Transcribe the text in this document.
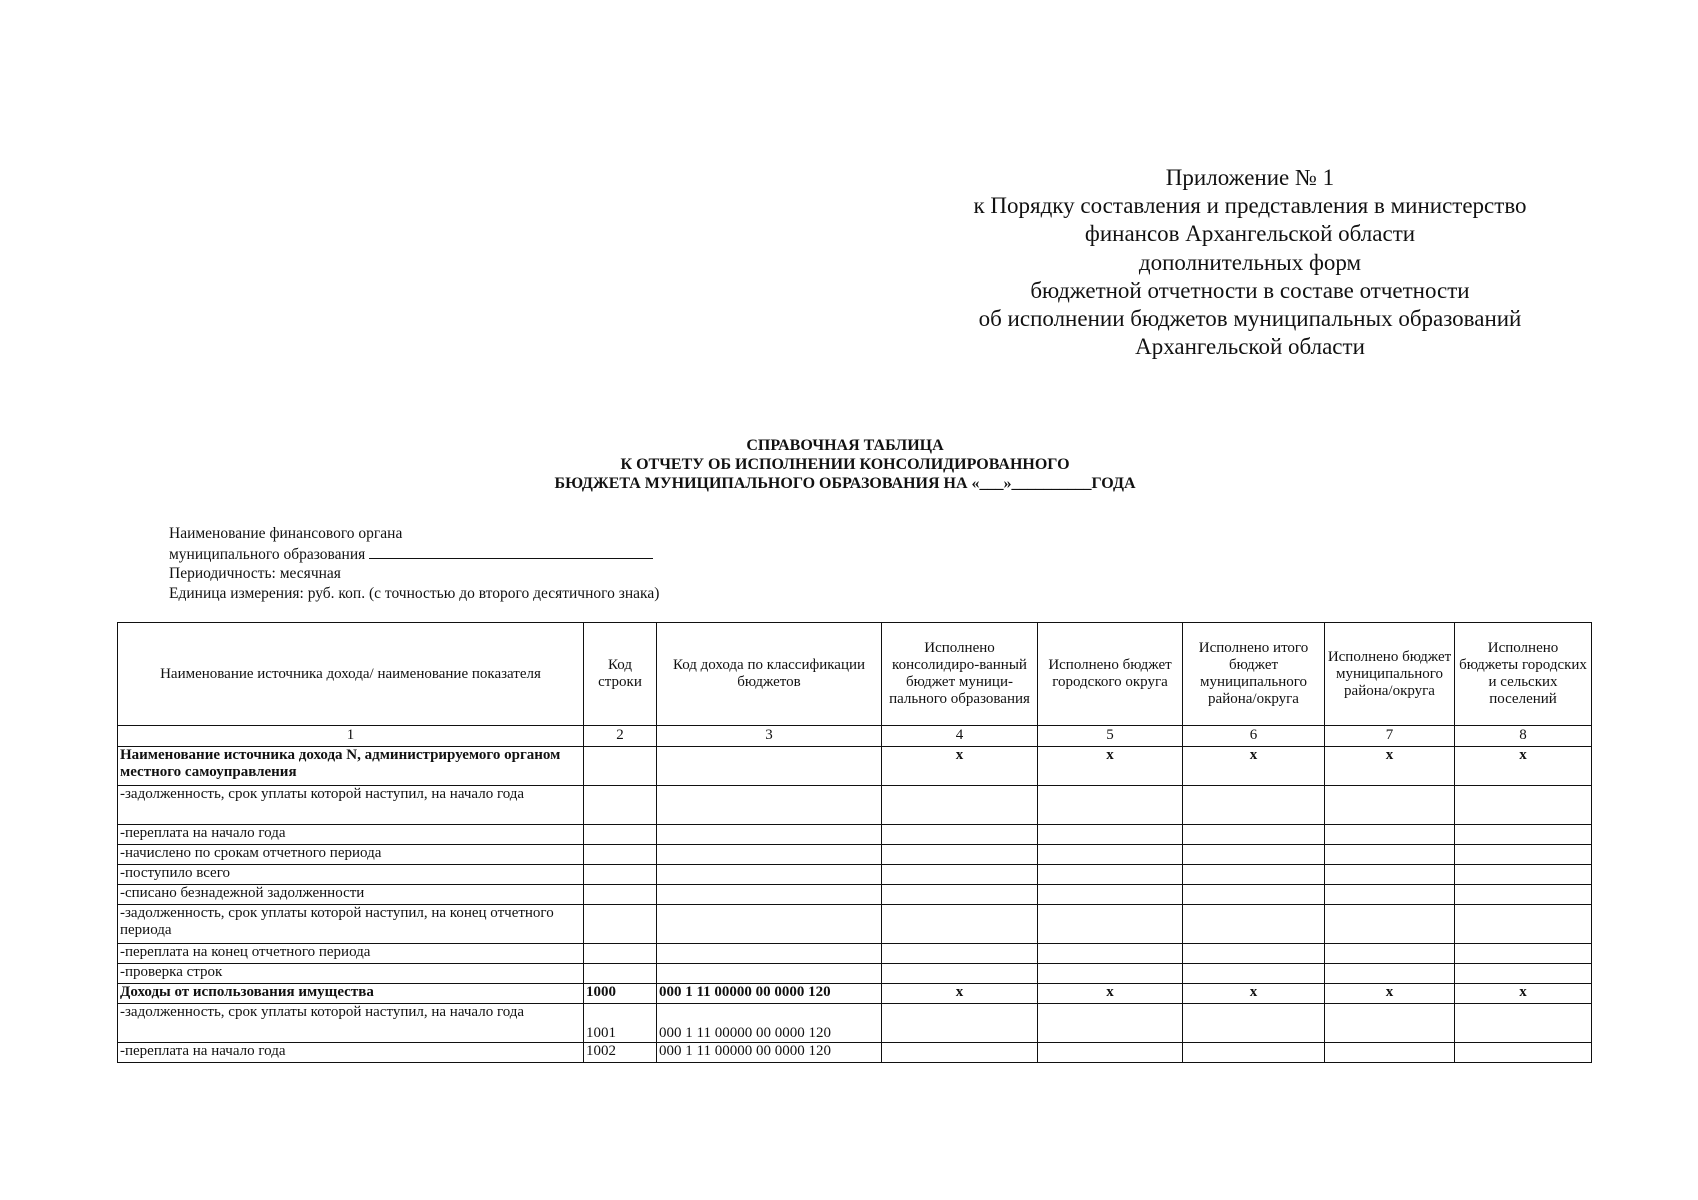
Приложение № 1
к Порядку составления и представления в министерство
финансов Архангельской области
дополнительных форм
бюджетной отчетности в составе отчетности
об исполнении бюджетов муниципальных образований
Архангельской области
СПРАВОЧНАЯ ТАБЛИЦА
К ОТЧЕТУ ОБ ИСПОЛНЕНИИ КОНСОЛИДИРОВАННОГО
БЮДЖЕТА МУНИЦИПАЛЬНОГО ОБРАЗОВАНИЯ НА «___»__________ГОДА
Наименование финансового органа
муниципального образования
Периодичность: месячная
Единица измерения: руб. коп. (с точностью до второго десятичного знака)
Наименование источника дохода/ наименование показателя	Код строки	Код дохода по классификации бюджетов	Исполнено консолидиро-ванный бюджет муници-пального образования	Исполнено бюджет городского округа	Исполнено итого бюджет муниципального района/округа	Исполнено бюджет муниципального района/округа	Исполнено бюджеты городских и сельских поселений
1	2	3	4	5	6	7	8
Наименование источника дохода N, администрируемого органом местного самоуправления			х	х	х	х	х
-задолженность, срок уплаты которой наступил, на начало года							
-переплата на начало года							
-начислено по срокам отчетного периода							
-поступило всего							
-списано безнадежной задолженности							
-задолженность, срок уплаты которой наступил, на конец отчетного периода							
-переплата на конец отчетного периода							
-проверка строк							
Доходы от использования имущества	1000	000 1 11 00000 00 0000 120	х	х	х	х	х
-задолженность, срок уплаты которой наступил, на начало года	1001	000 1 11 00000 00 0000 120					
-переплата на начало года	1002	000 1 11 00000 00 0000 120					
